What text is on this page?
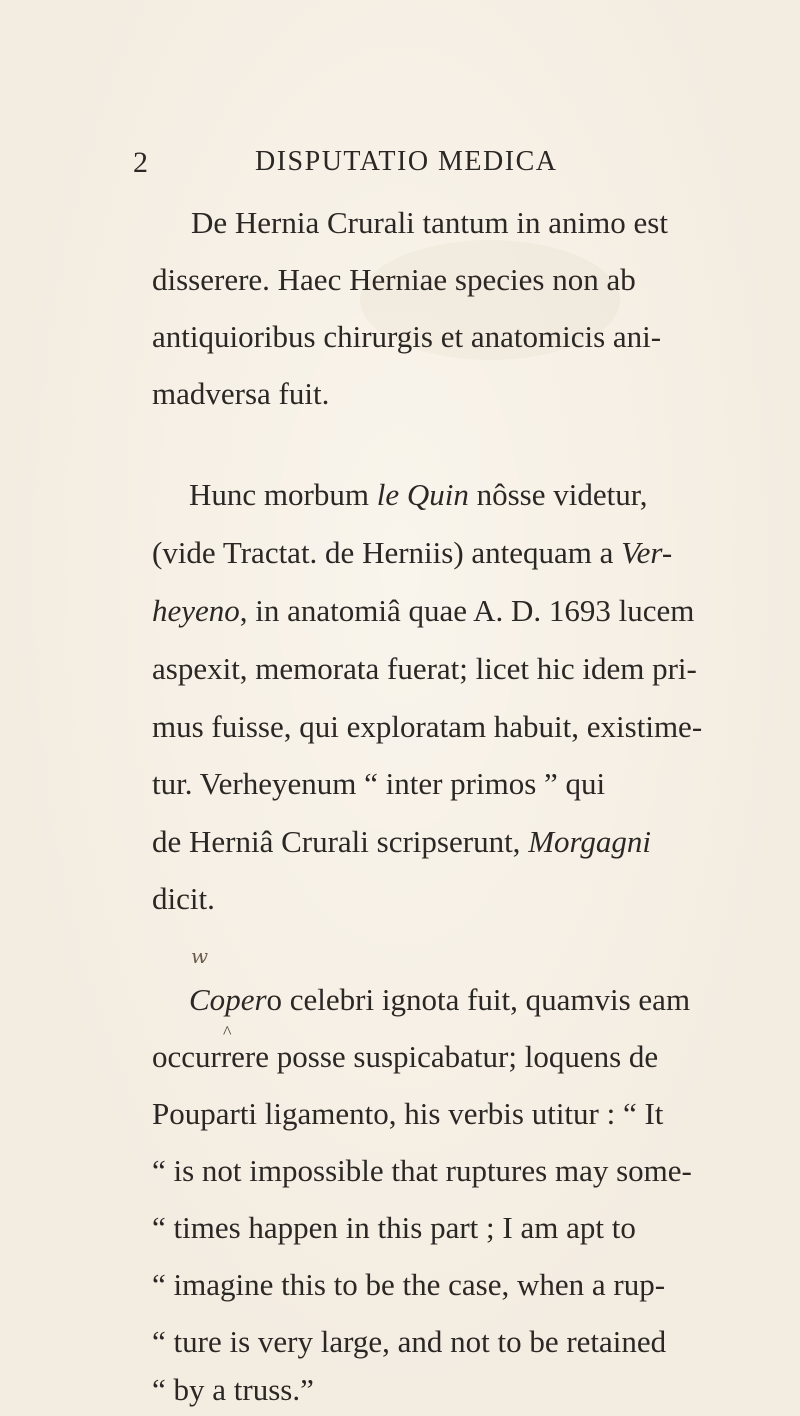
2	DISPUTATIO MEDICA
De Hernia Crurali tantum in animo est
disserere. Haec Herniae species non ab
antiquioribus chirurgis et anatomicis ani-
madversa fuit.
Hunc morbum le Quin nôsse videtur,
(vide Tractat. de Herniis) antequam a Ver-
heyeno, in anatomiâ quae A. D. 1693 lucem
aspexit, memorata fuerat; licet hic idem pri-
mus fuisse, qui exploratam habuit, existime-
tur. Verheyenum “ inter primos ” qui
de Herniâ Crurali scripserunt, Morgagni
dicit.
w
Copero celebri ignota fuit, quamvis eam
^
occurrere posse suspicabatur; loquens de
Pouparti ligamento, his verbis utitur : “ It
“ is not impossible that ruptures may some-
“ times happen in this part ; I am apt to
“ imagine this to be the case, when a rup-
“ ture is very large, and not to be retained
“ by a truss.”
